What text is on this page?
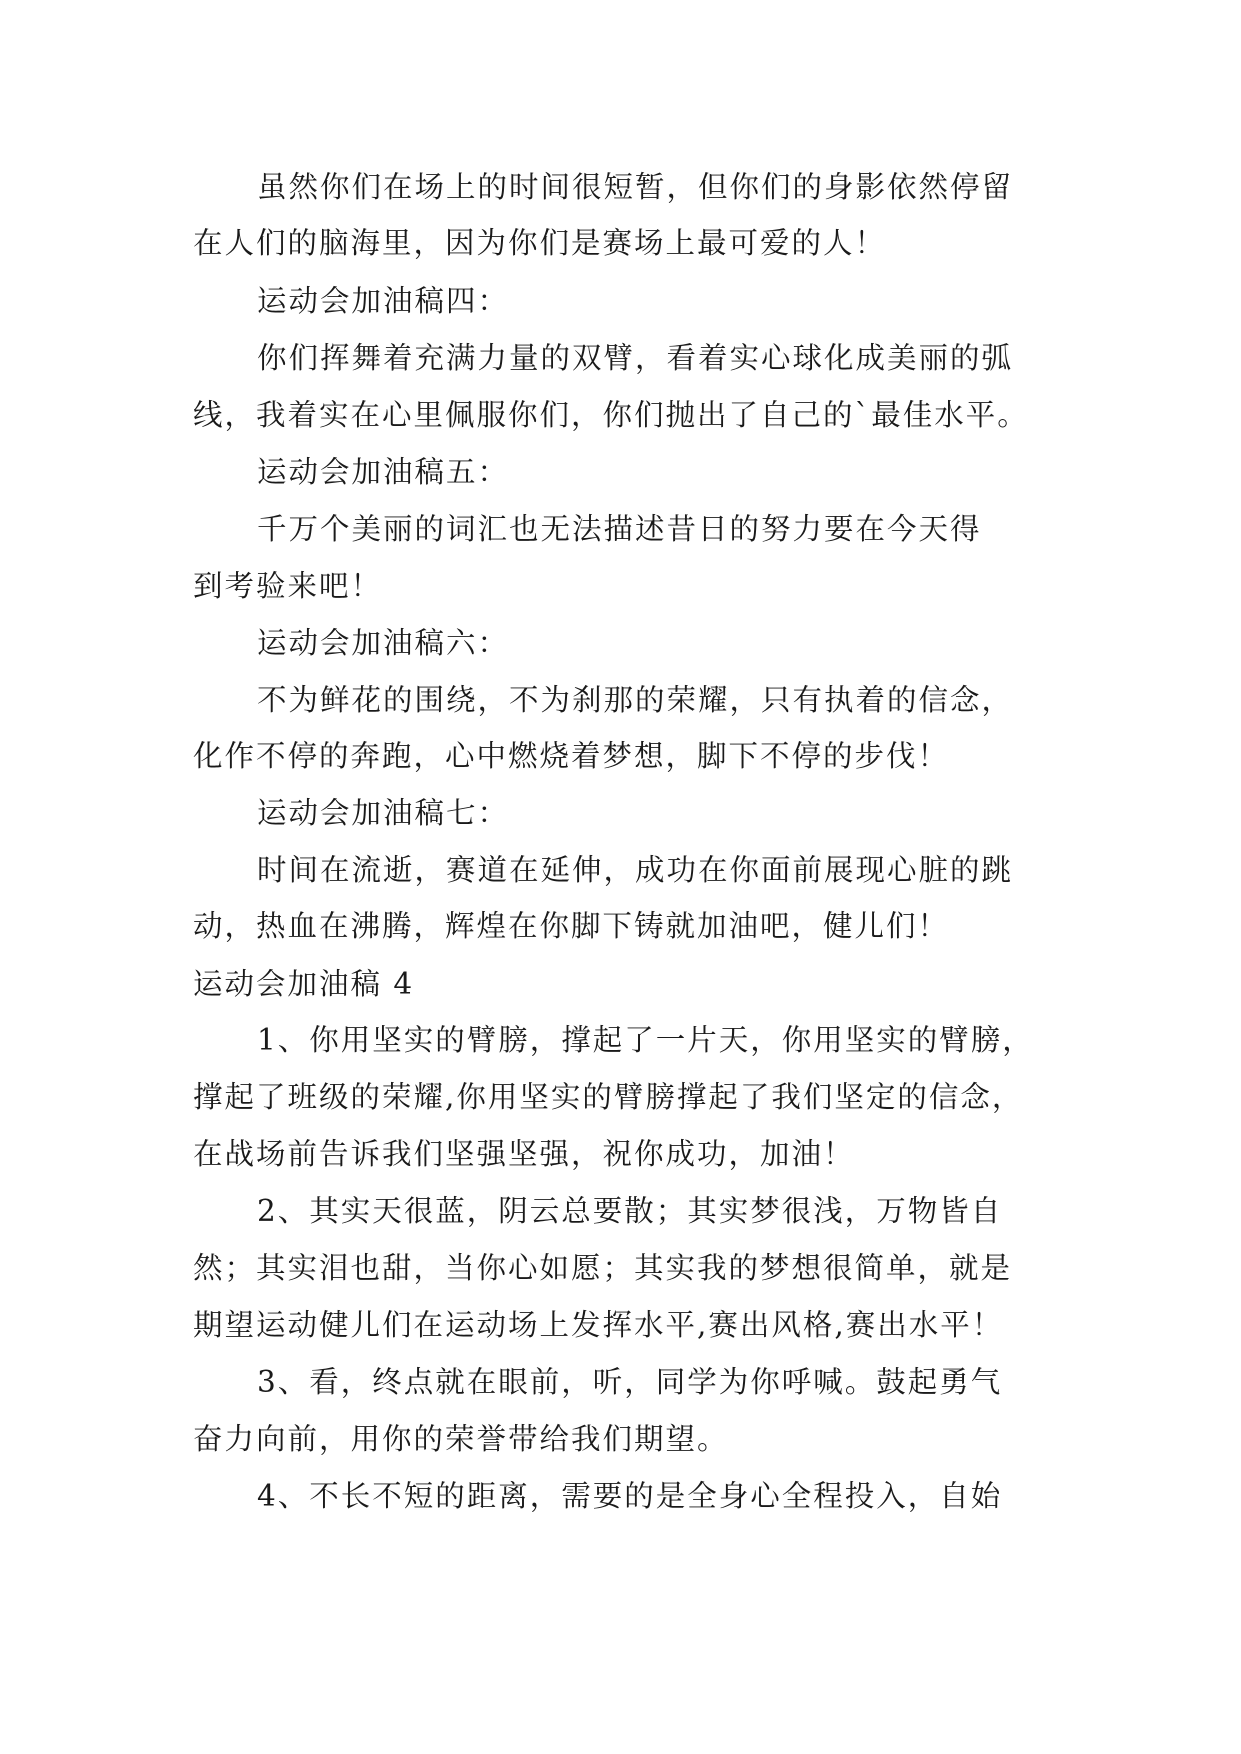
虽然你们在场上的时间很短暂，但你们的身影依然停留
在人们的脑海里，因为你们是赛场上最可爱的人！
运动会加油稿四：
你们挥舞着充满力量的双臂，看着实心球化成美丽的弧
线，我着实在心里佩服你们，你们抛出了自己的`最佳水平。
运动会加油稿五：
千万个美丽的词汇也无法描述昔日的努力要在今天得
到考验来吧！
运动会加油稿六：
不为鲜花的围绕，不为刹那的荣耀，只有执着的信念，
化作不停的奔跑，心中燃烧着梦想，脚下不停的步伐！
运动会加油稿七：
时间在流逝，赛道在延伸，成功在你面前展现心脏的跳
动，热血在沸腾，辉煌在你脚下铸就加油吧，健儿们！
运动会加油稿 4
1、你用坚实的臂膀，撑起了一片天，你用坚实的臂膀，
撑起了班级的荣耀,你用坚实的臂膀撑起了我们坚定的信念，
在战场前告诉我们坚强坚强，祝你成功，加油！
2、其实天很蓝，阴云总要散；其实梦很浅，万物皆自
然；其实泪也甜，当你心如愿；其实我的梦想很简单，就是
期望运动健儿们在运动场上发挥水平,赛出风格,赛出水平！
3、看，终点就在眼前，听，同学为你呼喊。鼓起勇气
奋力向前，用你的荣誉带给我们期望。
4、不长不短的距离，需要的是全身心全程投入，自始
